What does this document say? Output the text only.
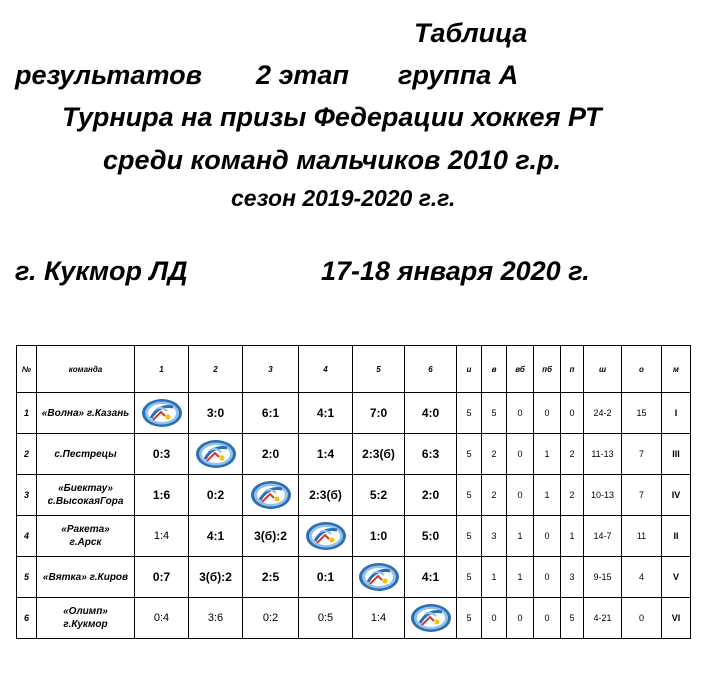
Таблица
результатов 2 этап группа А
Турнира на призы Федерации хоккея РТ
среди команд мальчиков 2010 г.р.
сезон 2019-2020 г.г.
г. Кукмор ЛД	17-18 января 2020 г.
№	команда	1	2	3	4	5	6	и	в	вб	пб	п	ш	о	м
1	«Волна» г.Казань		3:0	6:1	4:1	7:0	4:0	5	5	0	0	0	24-2	15	I
2	с.Пестрецы	0:3		2:0	1:4	2:3(б)	6:3	5	2	0	1	2	11-13	7	III
3	«Биектау»
с.ВысокаяГора	1:6	0:2		2:3(б)	5:2	2:0	5	2	0	1	2	10-13	7	IV
4	«Ракета»
г.Арск	1:4	4:1	3(б):2		1:0	5:0	5	3	1	0	1	14-7	11	II
5	«Вятка» г.Киров	0:7	3(б):2	2:5	0:1		4:1	5	1	1	0	3	9-15	4	V
6	«Олимп»
г.Кукмор	0:4	3:6	0:2	0:5	1:4		5	0	0	0	5	4-21	0	VI
